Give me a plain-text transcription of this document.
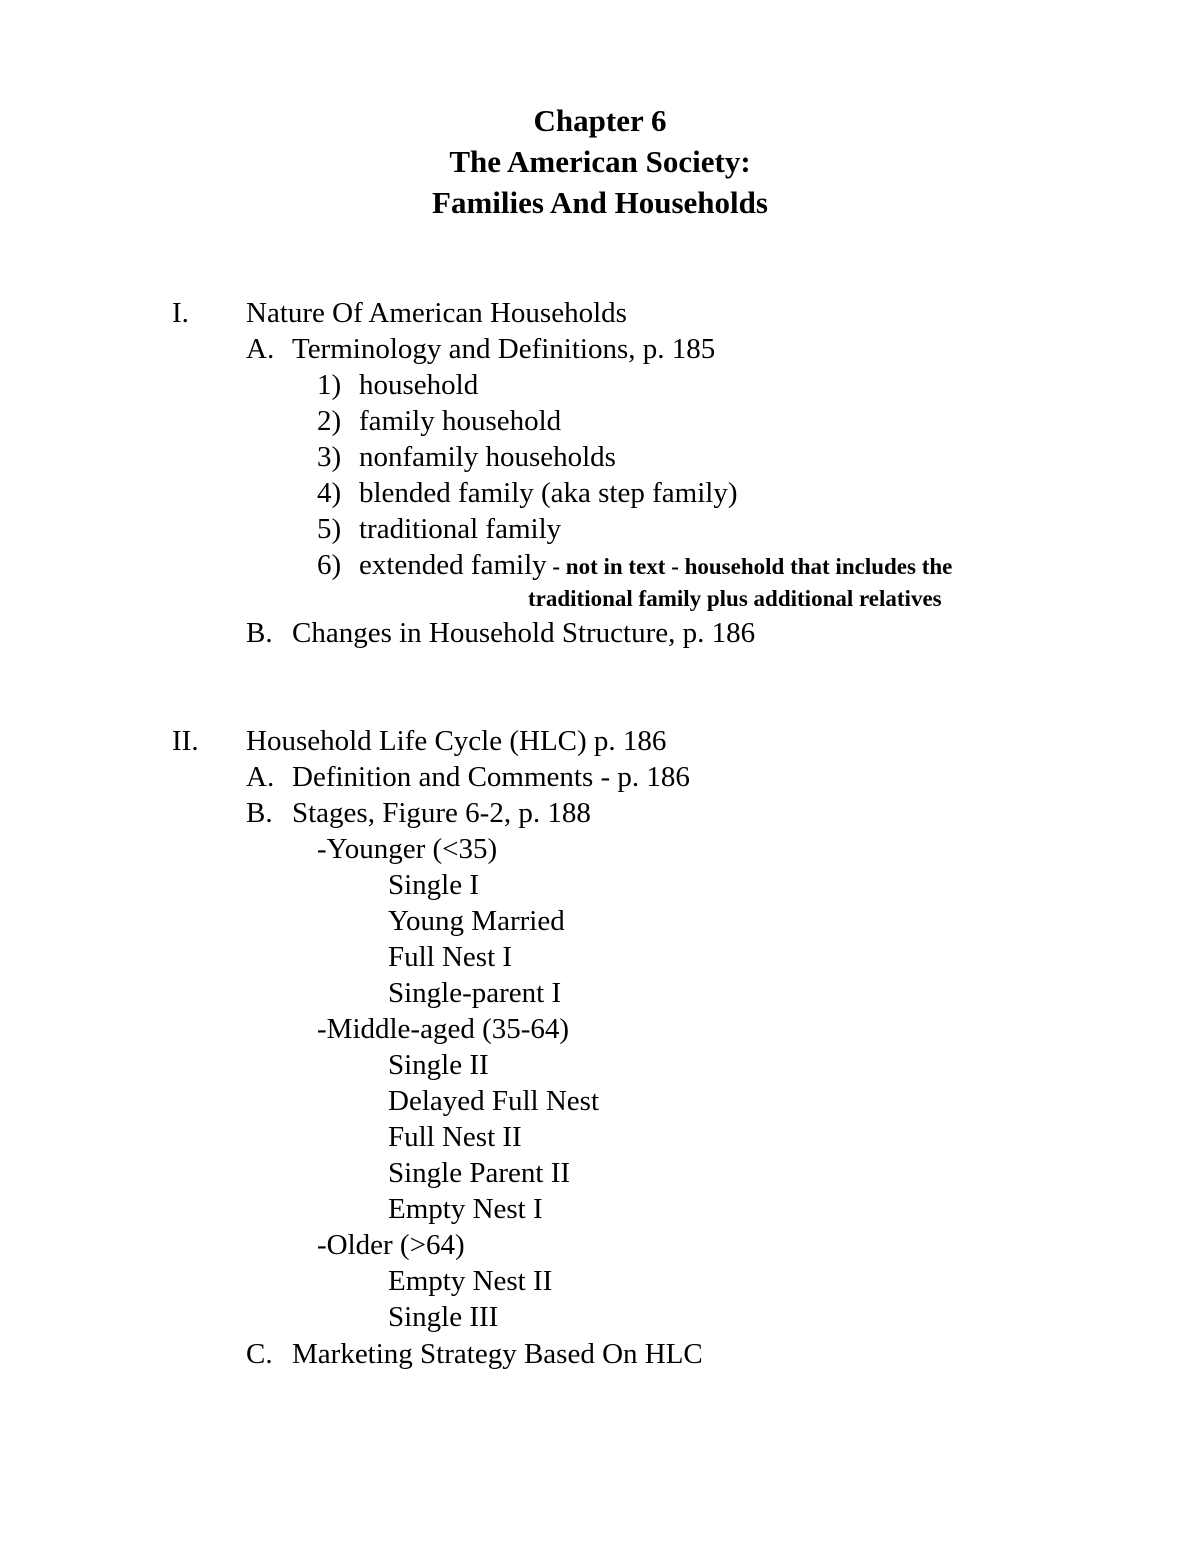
Chapter 6
The American Society:
Families And Households
I. Nature Of American Households
A. Terminology and Definitions, p. 185
1) household
2) family household
3) nonfamily households
4) blended family (aka step family)
5) traditional family
6) extended family - not in text - household that includes the
traditional family plus additional relatives
B. Changes in Household Structure, p. 186
II. Household Life Cycle (HLC) p. 186
A. Definition and Comments - p. 186
B. Stages, Figure 6-2, p. 188
-Younger (<35)
Single I
Young Married
Full Nest I
Single-parent I
-Middle-aged (35-64)
Single II
Delayed Full Nest
Full Nest II
Single Parent II
Empty Nest I
-Older (>64)
Empty Nest II
Single III
C. Marketing Strategy Based On HLC
